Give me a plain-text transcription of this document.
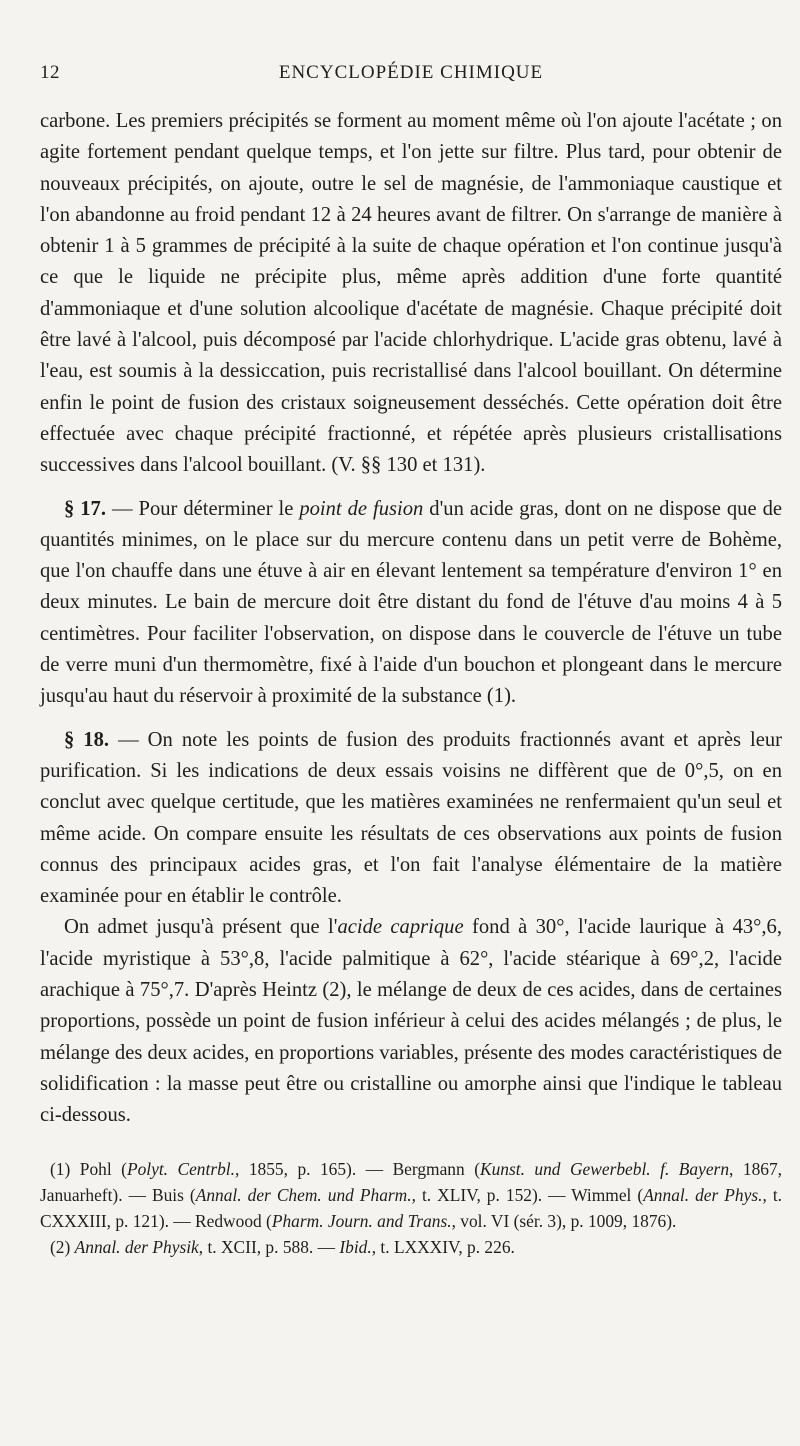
12	ENCYCLOPÉDIE CHIMIQUE

carbone. Les premiers précipités se forment au moment même où l'on ajoute l'acétate ; on agite fortement pendant quelque temps, et l'on jette sur filtre. Plus tard, pour obtenir de nouveaux précipités, on ajoute, outre le sel de magnésie, de l'ammoniaque caustique et l'on abandonne au froid pendant 12 à 24 heures avant de filtrer. On s'arrange de manière à obtenir 1 à 5 grammes de précipité à la suite de chaque opération et l'on continue jusqu'à ce que le liquide ne précipite plus, même après addition d'une forte quantité d'ammoniaque et d'une solution alcoolique d'acétate de magnésie. Chaque précipité doit être lavé à l'alcool, puis décomposé par l'acide chlorhydrique. L'acide gras obtenu, lavé à l'eau, est soumis à la dessiccation, puis recristallisé dans l'alcool bouillant. On détermine enfin le point de fusion des cristaux soigneusement desséchés. Cette opération doit être effectuée avec chaque précipité fractionné, et répétée après plusieurs cristallisations successives dans l'alcool bouillant. (V. §§ 130 et 131).

§ 17. — Pour déterminer le point de fusion d'un acide gras, dont on ne dispose que de quantités minimes, on le place sur du mercure contenu dans un petit verre de Bohème, que l'on chauffe dans une étuve à air en élevant lentement sa température d'environ 1° en deux minutes. Le bain de mercure doit être distant du fond de l'étuve d'au moins 4 à 5 centimètres. Pour faciliter l'observation, on dispose dans le couvercle de l'étuve un tube de verre muni d'un thermomètre, fixé à l'aide d'un bouchon et plongeant dans le mercure jusqu'au haut du réservoir à proximité de la substance (1).

§ 18. — On note les points de fusion des produits fractionnés avant et après leur purification. Si les indications de deux essais voisins ne diffèrent que de 0°,5, on en conclut avec quelque certitude, que les matières examinées ne renfermaient qu'un seul et même acide. On compare ensuite les résultats de ces observations aux points de fusion connus des principaux acides gras, et l'on fait l'analyse élémentaire de la matière examinée pour en établir le contrôle.

On admet jusqu'à présent que l'acide caprique fond à 30°, l'acide laurique à 43°,6, l'acide myristique à 53°,8, l'acide palmitique à 62°, l'acide stéarique à 69°,2, l'acide arachique à 75°,7. D'après Heintz (2), le mélange de deux de ces acides, dans de certaines proportions, possède un point de fusion inférieur à celui des acides mélangés ; de plus, le mélange des deux acides, en proportions variables, présente des modes caractéristiques de solidification : la masse peut être ou cristalline ou amorphe ainsi que l'indique le tableau ci-dessous.

(1) Pohl (Polyt. Centrbl., 1855, p. 165). — Bergmann (Kunst. und Gewerbebl. f. Bayern, 1867, Januarheft). — Buis (Annal. der Chem. und Pharm., t. XLIV, p. 152). — Wimmel (Annal. der Phys., t. CXXXIII, p. 121). — Redwood (Pharm. Journ. and Trans., vol. VI (sér. 3), p. 1009, 1876).

(2) Annal. der Physik, t. XCII, p. 588. — Ibid., t. LXXXIV, p. 226.
